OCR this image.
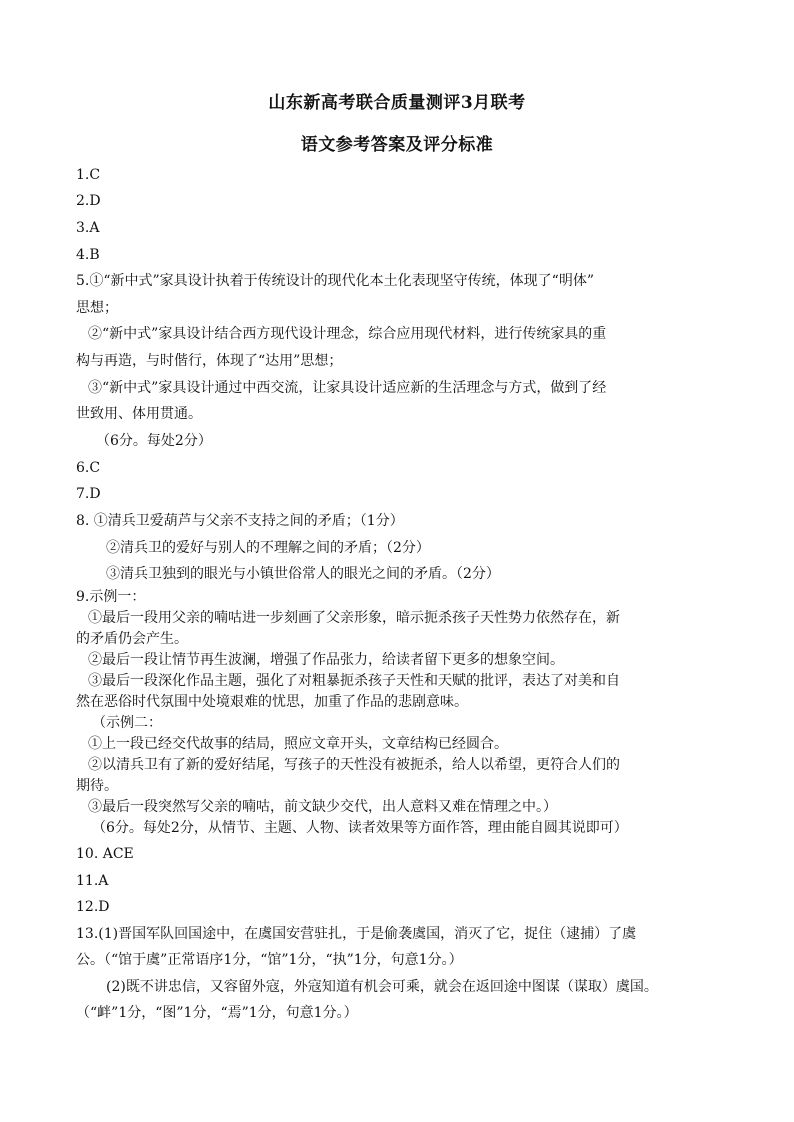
山东新高考联合质量测评3月联考
语文参考答案及评分标准
1.C
2.D
3.A
4.B
5.①“新中式”家具设计执着于传统设计的现代化本土化表现坚守传统，体现了“明体”
思想；
②“新中式”家具设计结合西方现代设计理念，综合应用现代材料，进行传统家具的重
构与再造，与时偕行，体现了“达用”思想；
③“新中式”家具设计通过中西交流，让家具设计适应新的生活理念与方式，做到了经
世致用、体用贯通。
（6分。每处2分）
6.C
7.D
8. ①清兵卫爱葫芦与父亲不支持之间的矛盾；（1分）
②清兵卫的爱好与别人的不理解之间的矛盾；（2分）
③清兵卫独到的眼光与小镇世俗常人的眼光之间的矛盾。（2分）
9.示例一：
①最后一段用父亲的喃咕进一步刻画了父亲形象，暗示扼杀孩子天性势力依然存在，新
的矛盾仍会产生。
②最后一段让情节再生波澜，增强了作品张力，给读者留下更多的想象空间。
③最后一段深化作品主题，强化了对粗暴扼杀孩子天性和天赋的批评，表达了对美和自
然在恶俗时代氛围中处境艰难的忧思，加重了作品的悲剧意味。
（示例二：
①上一段已经交代故事的结局，照应文章开头，文章结构已经圆合。
②以清兵卫有了新的爱好结尾，写孩子的天性没有被扼杀，给人以希望，更符合人们的
期待。
③最后一段突然写父亲的喃咕，前文缺少交代，出人意料又难在情理之中。）
（6分。每处2分，从情节、主题、人物、读者效果等方面作答，理由能自圆其说即可）
10. ACE
11.A
12.D
13.(1)晋国军队回国途中，在虞国安营驻扎，于是偷袭虞国，消灭了它，捉住（逮捕）了虞
公。（“馆于虞”正常语序1分，“馆”1分，“执”1分，句意1分。）
(2)既不讲忠信，又容留外寇，外寇知道有机会可乘，就会在返回途中图谋（谋取）虞国。
（“衅”1分，“图”1分，“焉”1分，句意1分。）
